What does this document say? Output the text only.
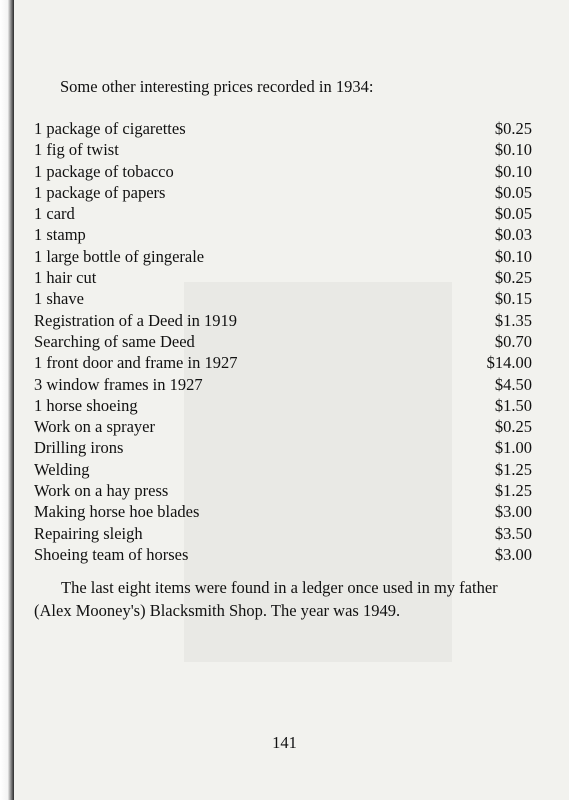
Some other interesting prices recorded in 1934:
1 package of cigarettes	$0.25
1 fig of twist	$0.10
1 package of tobacco	$0.10
1 package of papers	$0.05
1 card	$0.05
1 stamp	$0.03
1 large bottle of gingerale	$0.10
1 hair cut	$0.25
1 shave	$0.15
Registration of a Deed in 1919	$1.35
Searching of same Deed	$0.70
1 front door and frame in 1927	$14.00
3 window frames in 1927	$4.50
1 horse shoeing	$1.50
Work on a sprayer	$0.25
Drilling irons	$1.00
Welding	$1.25
Work on a hay press	$1.25
Making horse hoe blades	$3.00
Repairing sleigh	$3.50
Shoeing team of horses	$3.00

The last eight items were found in a ledger once used in my father (Alex Mooney's) Blacksmith Shop. The year was 1949.

141
